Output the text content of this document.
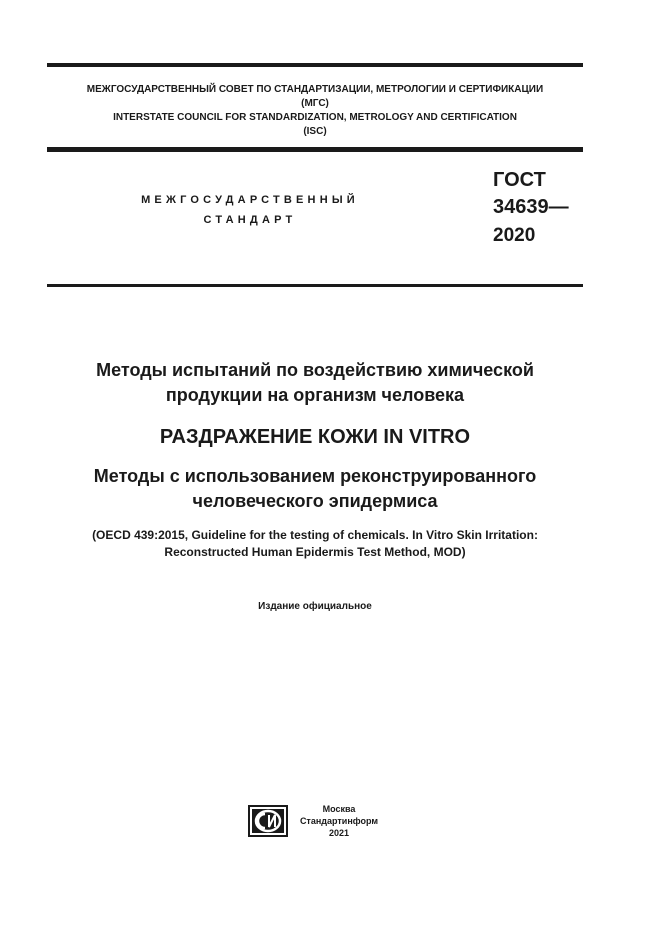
МЕЖГОСУДАРСТВЕННЫЙ СОВЕТ ПО СТАНДАРТИЗАЦИИ, МЕТРОЛОГИИ И СЕРТИФИКАЦИИ
(МГС)
INTERSTATE COUNCIL FOR STANDARDIZATION, METROLOGY AND CERTIFICATION
(ISC)
МЕЖГОСУДАРСТВЕННЫЙ
СТАНДАРТ
ГОСТ
34639—
2020
Методы испытаний по воздействию химической
продукции на организм человека
РАЗДРАЖЕНИЕ КОЖИ IN VITRO
Методы с использованием реконструированного
человеческого эпидермиса
(OECD 439:2015, Guideline for the testing of chemicals. In Vitro Skin Irritation:
Reconstructed Human Epidermis Test Method, MOD)
Издание официальное
Москва
Стандартинформ
2021
